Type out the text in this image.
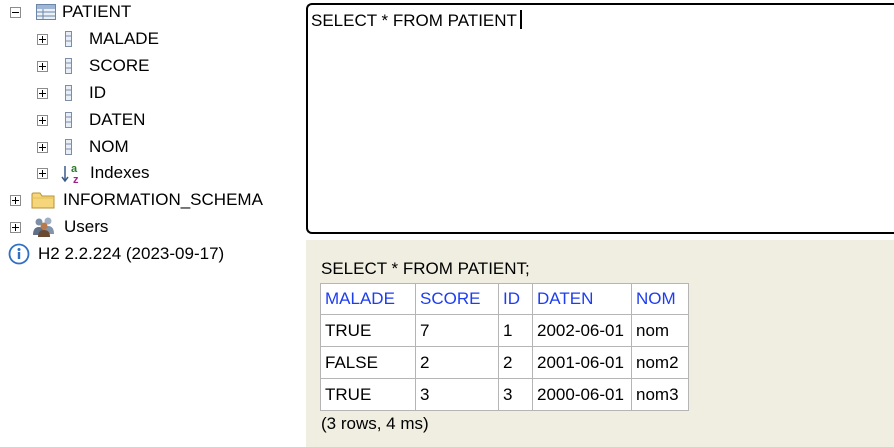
PATIENT
MALADE
SCORE
ID
DATEN
NOM
a
z Indexes
INFORMATION_SCHEMA
Users
H2 2.2.224 (2023-09-17)
SELECT * FROM PATIENT
SELECT * FROM PATIENT;
MALADE	SCORE	ID	DATEN	NOM
TRUE	7	1	2002-06-01	nom
FALSE	2	2	2001-06-01	nom2
TRUE	3	3	2000-06-01	nom3
(3 rows, 4 ms)
